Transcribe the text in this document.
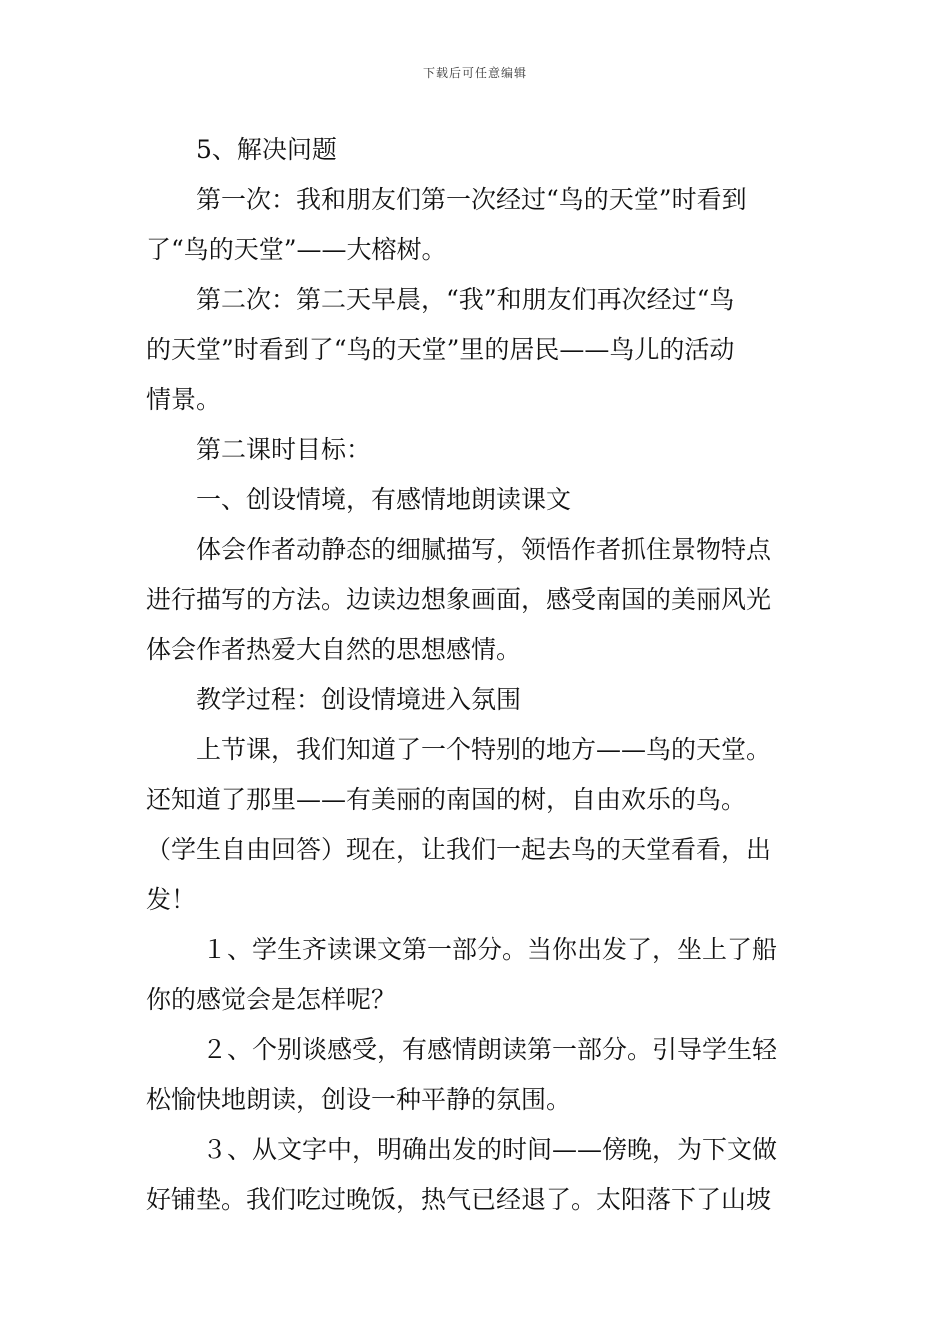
下载后可任意编辑

5、解决问题

第一次：我和朋友们第一次经过“鸟的天堂”时看到

了“鸟的天堂”——大榕树。

第二次：第二天早晨，“我”和朋友们再次经过“鸟

的天堂”时看到了“鸟的天堂”里的居民——鸟儿的活动

情景。

第二课时目标：

一、创设情境，有感情地朗读课文

体会作者动静态的细腻描写，领悟作者抓住景物特点

进行描写的方法。边读边想象画面，感受南国的美丽风光

体会作者热爱大自然的思想感情。

教学过程：创设情境进入氛围

上节课，我们知道了一个特别的地方——鸟的天堂。

还知道了那里——有美丽的南国的树，自由欢乐的鸟。

（学生自由回答）现在，让我们一起去鸟的天堂看看，出

发！

１、学生齐读课文第一部分。当你出发了，坐上了船

你的感觉会是怎样呢？

２、个别谈感受，有感情朗读第一部分。引导学生轻

松愉快地朗读，创设一种平静的氛围。

３、从文字中，明确出发的时间——傍晚，为下文做

好铺垫。我们吃过晚饭，热气已经退了。太阳落下了山坡
